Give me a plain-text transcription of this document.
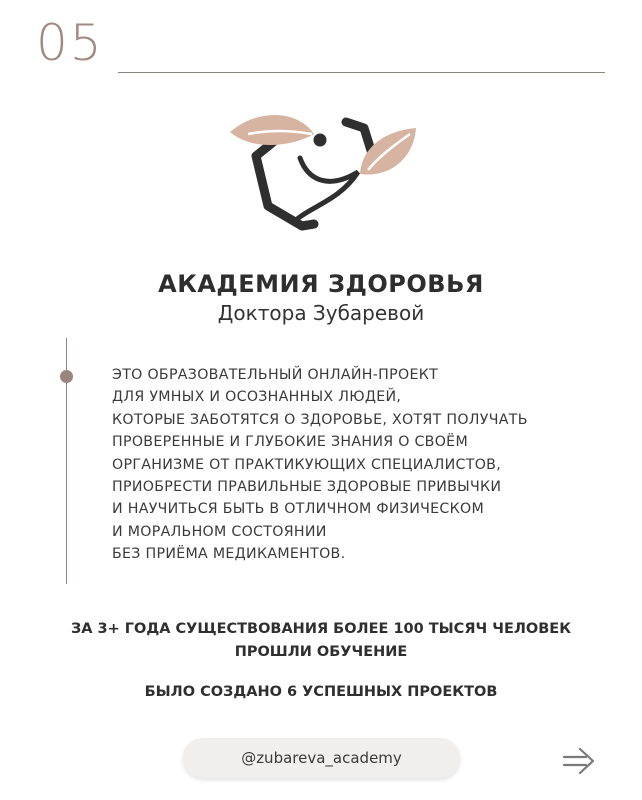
05
АКАДЕМИЯ ЗДОРОВЬЯ
Доктора Зубаревой
ЭТО ОБРАЗОВАТЕЛЬНЫЙ ОНЛАЙН-ПРОЕКТ
ДЛЯ УМНЫХ И ОСОЗНАННЫХ ЛЮДЕЙ,
КОТОРЫЕ ЗАБОТЯТСЯ О ЗДОРОВЬЕ, ХОТЯТ ПОЛУЧАТЬ
ПРОВЕРЕННЫЕ И ГЛУБОКИЕ ЗНАНИЯ О СВОЁМ
ОРГАНИЗМЕ ОТ ПРАКТИКУЮЩИХ СПЕЦИАЛИСТОВ,
ПРИОБРЕСТИ ПРАВИЛЬНЫЕ ЗДОРОВЫЕ ПРИВЫЧКИ
И НАУЧИТЬСЯ БЫТЬ В ОТЛИЧНОМ ФИЗИЧЕСКОМ
И МОРАЛЬНОМ СОСТОЯНИИ
БЕЗ ПРИЁМА МЕДИКАМЕНТОВ.
ЗА 3+ ГОДА СУЩЕСТВОВАНИЯ БОЛЕЕ 100 ТЫСЯЧ ЧЕЛОВЕК
ПРОШЛИ ОБУЧЕНИЕ
БЫЛО СОЗДАНО 6 УСПЕШНЫХ ПРОЕКТОВ
@zubareva_academy
